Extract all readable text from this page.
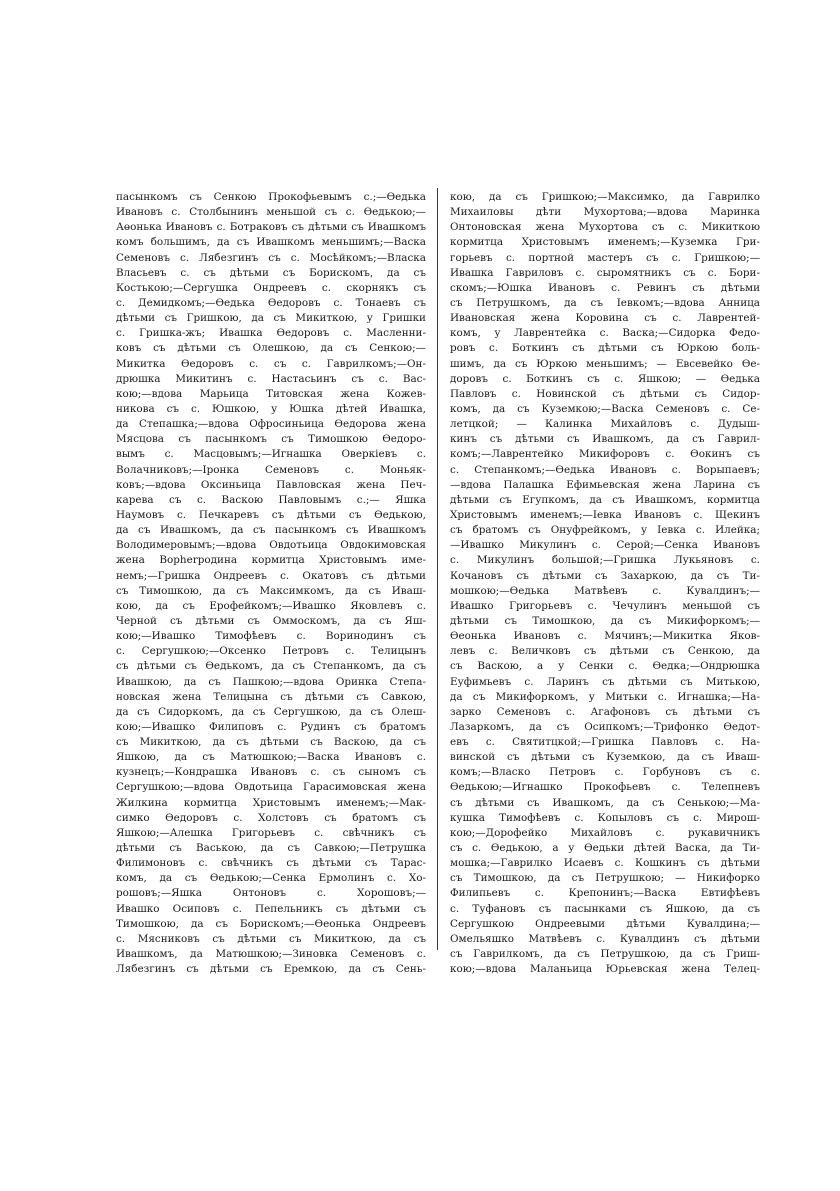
пасынкомъ съ Сенкою Прокофьевымъ с.;—Өедька
Ивановъ с. Столбынинъ меньшой съ с. Өедькою;—
Аөонька Ивановъ с. Ботраковъ съ дѣтьми съ Ивашкомъ
комъ большимъ, да съ Ивашкомъ меньшимъ;—Васка
Семеновъ с. Лябезгинъ съ с. Мосѣйкомъ;—Власка
Власьевъ с. съ дѣтьми съ Борискомъ, да съ
Костькою;—Сергушка Ондреевъ с. скорнякъ съ
с. Демидкомъ;—Өедька Өедоровъ с. Тонаевъ съ
дѣтьми съ Гришкою, да съ Микиткою, у Гришки
с. Гришка-жъ; Ивашка Өедоровъ с. Масленни-
ковъ съ дѣтьми съ Олешкою, да съ Сенкою;—
Микитка Өедоровъ с. съ с. Гаврилкомъ;—Он-
дрюшка Микитинъ с. Настасьинъ съ с. Вас-
кою;—вдова Марьица Титовская жена Кожев-
никова съ с. Юшкою, у Юшка дѣтей Ивашка,
да Степашка;—вдова Офросиньица Өедорова жена
Мясцова съ пасынкомъ съ Тимошкою Өедоро-
вымъ с. Масцовымъ;—Игнашка Оверкіевъ с.
Волачниковъ;—Іронка Семеновъ с. Моньяк-
ковъ;—вдова Оксиньица Павловская жена Печ-
карева съ с. Васкою Павловымъ с.;— Яшка
Наумовъ с. Печкаревъ съ дѣтьми съ Өедькою,
да съ Ивашкомъ, да съ пасынкомъ съ Ивашкомъ
Володимеровымъ;—вдова Овдотьица Овдокимовская
жена Ворherродина кормитца Христовымъ име-
немъ;—Гришка Ондреевъ с. Окатовъ съ дѣтьми
съ Тимошкою, да съ Максимкомъ, да съ Иваш-
кою, да съ Ерофейкомъ;—Ивашко Яковлевъ с.
Черной съ дѣтьми съ Оммоскомъ, да съ Яш-
кою;—Ивашко Тимофѣевъ с. Воринодинъ съ
с. Сергушкою;—Оксенко Петровъ с. Телицынъ
съ дѣтьми съ Өедькомъ, да съ Степанкомъ, да съ
Ивашкою, да съ Пашкою;—вдова Оринка Степа-
новская жена Телицына съ дѣтьми съ Савкою,
да съ Сидоркомъ, да съ Сергушкою, да съ Олеш-
кою;—Ивашко Филиповъ с. Рудинъ съ братомъ
съ Микиткою, да съ дѣтьми съ Васкою, да съ
Яшкою, да съ Матюшкою;—Васка Ивановъ с.
кузнецъ;—Кондрашка Ивановъ с. съ сыномъ съ
Сергушкою;—вдова Овдотьица Гарасимовская жена
Жилкина кормитца Христовымъ именемъ;—Мак-
симко Өедоровъ с. Холстовъ съ братомъ съ
Яшкою;—Алешка Григорьевъ с. свѣчникъ съ
дѣтьми съ Ваською, да съ Савкою;—Петрушка
Филимоновъ с. свѣчникъ съ дѣтьми съ Тарас-
комъ, да съ Өедькою;—Сенка Ермолинъ с. Хо-
рошовъ;—Яшка Онтоновъ с. Хорошовъ;—
Ивашко Осиповъ с. Пепельникъ съ дѣтьми съ
Тимошкою, да съ Борискомъ;—Өеонька Ондреевъ
с. Мясниковъ съ дѣтьми съ Микиткою, да съ
Ивашкомъ, да Матюшкою;—Зиновка Семеновъ с.
Лябезгинъ съ дѣтьми съ Еремкою, да съ Сень-
кою, да съ Гришкою;—Максимко, да Гаврилко
Михаиловы дѣти Мухортова;—вдова Маринка
Онтоновская жена Мухортова съ с. Микиткою
кормитца Христовымъ именемъ;—Куземка Гри-
горьевъ с. портной мастеръ съ с. Гришкою;—
Ивашка Гавриловъ с. сыромятникъ съ с. Бори-
скомъ;—Юшка Ивановъ с. Ревинъ съ дѣтьми
съ Петрушкомъ, да съ Іевкомъ;—вдова Анница
Ивановская жена Коровина съ с. Лаврентей-
комъ, у Лаврентейка с. Васка;—Сидорка Федо-
ровъ с. Боткинъ съ дѣтьми съ Юркою боль-
шимъ, да съ Юркою меньшимъ; — Евсевейко Өе-
доровъ с. Боткинъ съ с. Яшкою; — Өедька
Павловъ с. Новинской съ дѣтьми съ Сидор-
комъ, да съ Куземкою;—Васка Семеновъ с. Се-
летцкой; — Калинка Михайловъ с. Дудыш-
кинъ съ дѣтьми съ Ивашкомъ, да съ Гаврил-
комъ;—Лаврентейко Микифоровъ с. Өокинъ съ
с. Степанкомъ;—Өедька Ивановъ с. Ворыпаевъ;
—вдова Палашка Ефимьевская жена Ларина съ
дѣтьми съ Егупкомъ, да съ Ивашкомъ, кормитца
Христовымъ именемъ;—Іевка Ивановъ с. Щекинъ
съ братомъ съ Онуфрейкомъ, у Іевка с. Илейка;
—Ивашко Микулинъ с. Серой;—Сенка Ивановъ
с. Микулинъ большой;—Гришка Лукьяновъ с.
Кочановъ съ дѣтьми съ Захаркою, да съ Ти-
мошкою;—Өедька Матвѣевъ с. Кувалдинъ;—
Ивашко Григорьевъ с. Чечулинъ меньшой съ
дѣтьми съ Тимошкою, да съ Микифоркомъ;—
Өеонька Ивановъ с. Мячинъ;—Микитка Яков-
левъ с. Величковъ съ дѣтьми съ Сенкою, да
съ Васкою, а у Сенки с. Өедка;—Ондрюшка
Еуфимьевъ с. Ларинъ съ дѣтьми съ Митькою,
да съ Микифоркомъ, у Митьки с. Игнашка;—На-
зарко Семеновъ с. Агафоновъ съ дѣтьми съ
Лазаркомъ, да съ Осипкомъ;—Трифонко Өедот-
евъ с. Святитцкой;—Гришка Павловъ с. На-
винской съ дѣтьми съ Куземкою, да съ Иваш-
комъ;—Власко Петровъ с. Горбуновъ съ с.
Өедькою;—Игнашко Прокофьевъ с. Телепневъ
съ дѣтьми съ Ивашкомъ, да съ Сенькою;—Ма-
кушка Тимофѣевъ с. Копыловъ съ с. Мирош-
кою;—Дорофейко Михайловъ с. рукавичникъ
съ с. Өедькою, а у Өедьки дѣтей Васка, да Ти-
мошка;—Гаврилко Исаевъ с. Кошкинъ съ дѣтьми
съ Тимошкою, да съ Петрушкою; — Никифорко
Филипьевъ с. Крепонинъ;—Васка Евтифѣевъ
с. Туфановъ съ пасынками съ Яшкою, да съ
Сергушкою Ондреевыми дѣтьми Кувалдина;—
Омельяшко Матвѣевъ с. Кувалдинъ съ дѣтьми
съ Гаврилкомъ, да съ Петрушкою, да съ Гриш-
кою;—вдова Маланьица Юрьевская жена Телец-
